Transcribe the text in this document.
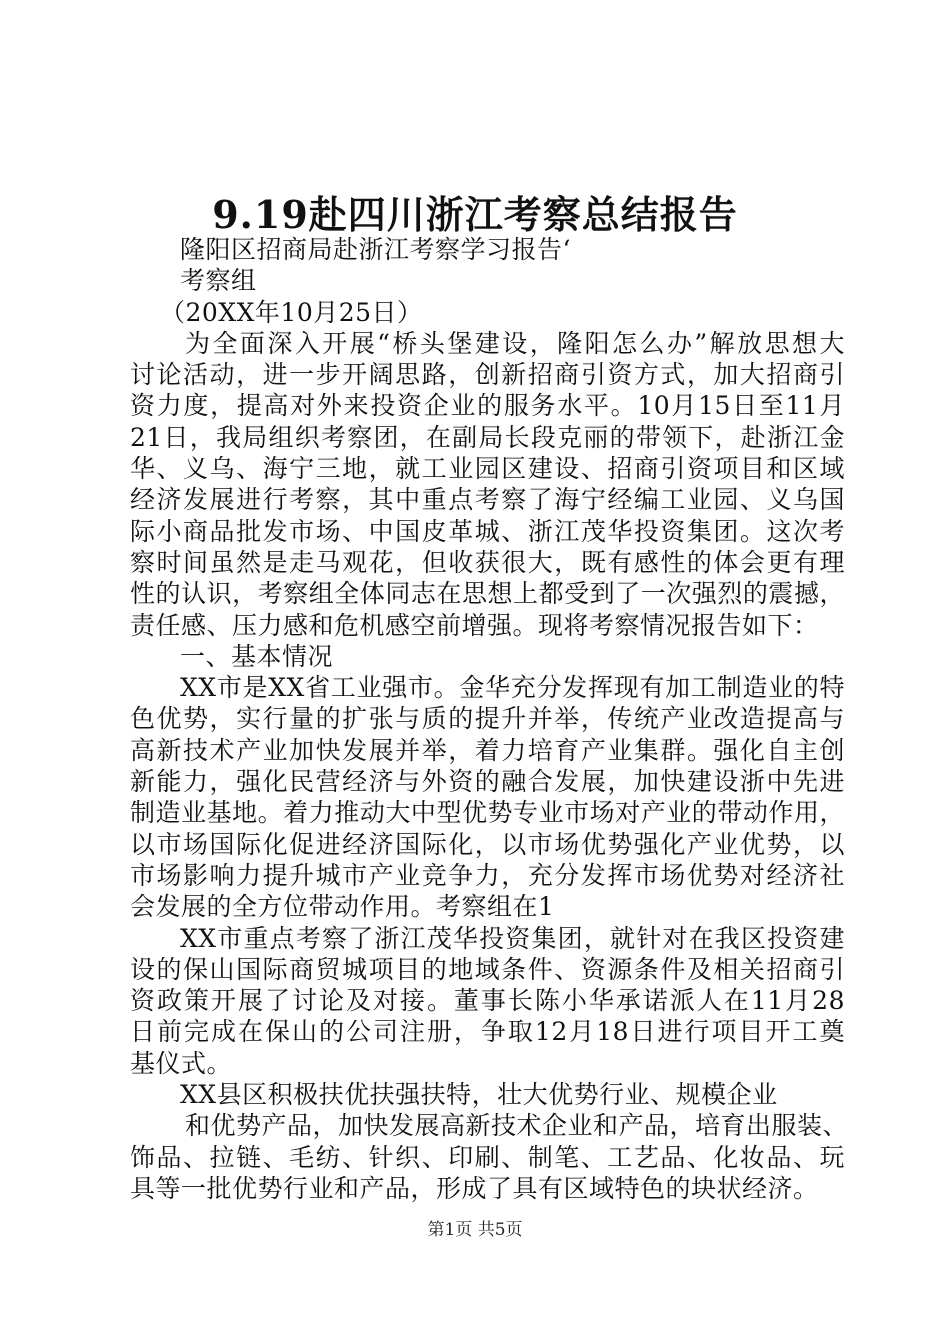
9.19赴四川浙江考察总结报告
隆阳区招商局赴浙江考察学习报告‘
考察组
（20XX年10月25日）
为全面深入开展“桥头堡建设，隆阳怎么办”解放思想大
讨论活动，进一步开阔思路，创新招商引资方式，加大招商引
资力度，提高对外来投资企业的服务水平。10月15日至11月
21日，我局组织考察团，在副局长段克丽的带领下，赴浙江金
华、义乌、海宁三地，就工业园区建设、招商引资项目和区域
经济发展进行考察，其中重点考察了海宁经编工业园、义乌国
际小商品批发市场、中国皮革城、浙江茂华投资集团。这次考
察时间虽然是走马观花，但收获很大，既有感性的体会更有理
性的认识，考察组全体同志在思想上都受到了一次强烈的震撼，
责任感、压力感和危机感空前增强。现将考察情况报告如下：
一、基本情况
XX市是XX省工业强市。金华充分发挥现有加工制造业的特
色优势，实行量的扩张与质的提升并举，传统产业改造提高与
高新技术产业加快发展并举，着力培育产业集群。强化自主创
新能力，强化民营经济与外资的融合发展，加快建设浙中先进
制造业基地。着力推动大中型优势专业市场对产业的带动作用，
以市场国际化促进经济国际化，以市场优势强化产业优势，以
市场影响力提升城市产业竞争力，充分发挥市场优势对经济社
会发展的全方位带动作用。考察组在1
XX市重点考察了浙江茂华投资集团，就针对在我区投资建
设的保山国际商贸城项目的地域条件、资源条件及相关招商引
资政策开展了讨论及对接。董事长陈小华承诺派人在11月28
日前完成在保山的公司注册，争取12月18日进行项目开工奠
基仪式。
XX县区积极扶优扶强扶特，壮大优势行业、规模企业
和优势产品，加快发展高新技术企业和产品，培育出服装、
饰品、拉链、毛纺、针织、印刷、制笔、工艺品、化妆品、玩
具等一批优势行业和产品，形成了具有区域特色的块状经济。
第1页 共5页
